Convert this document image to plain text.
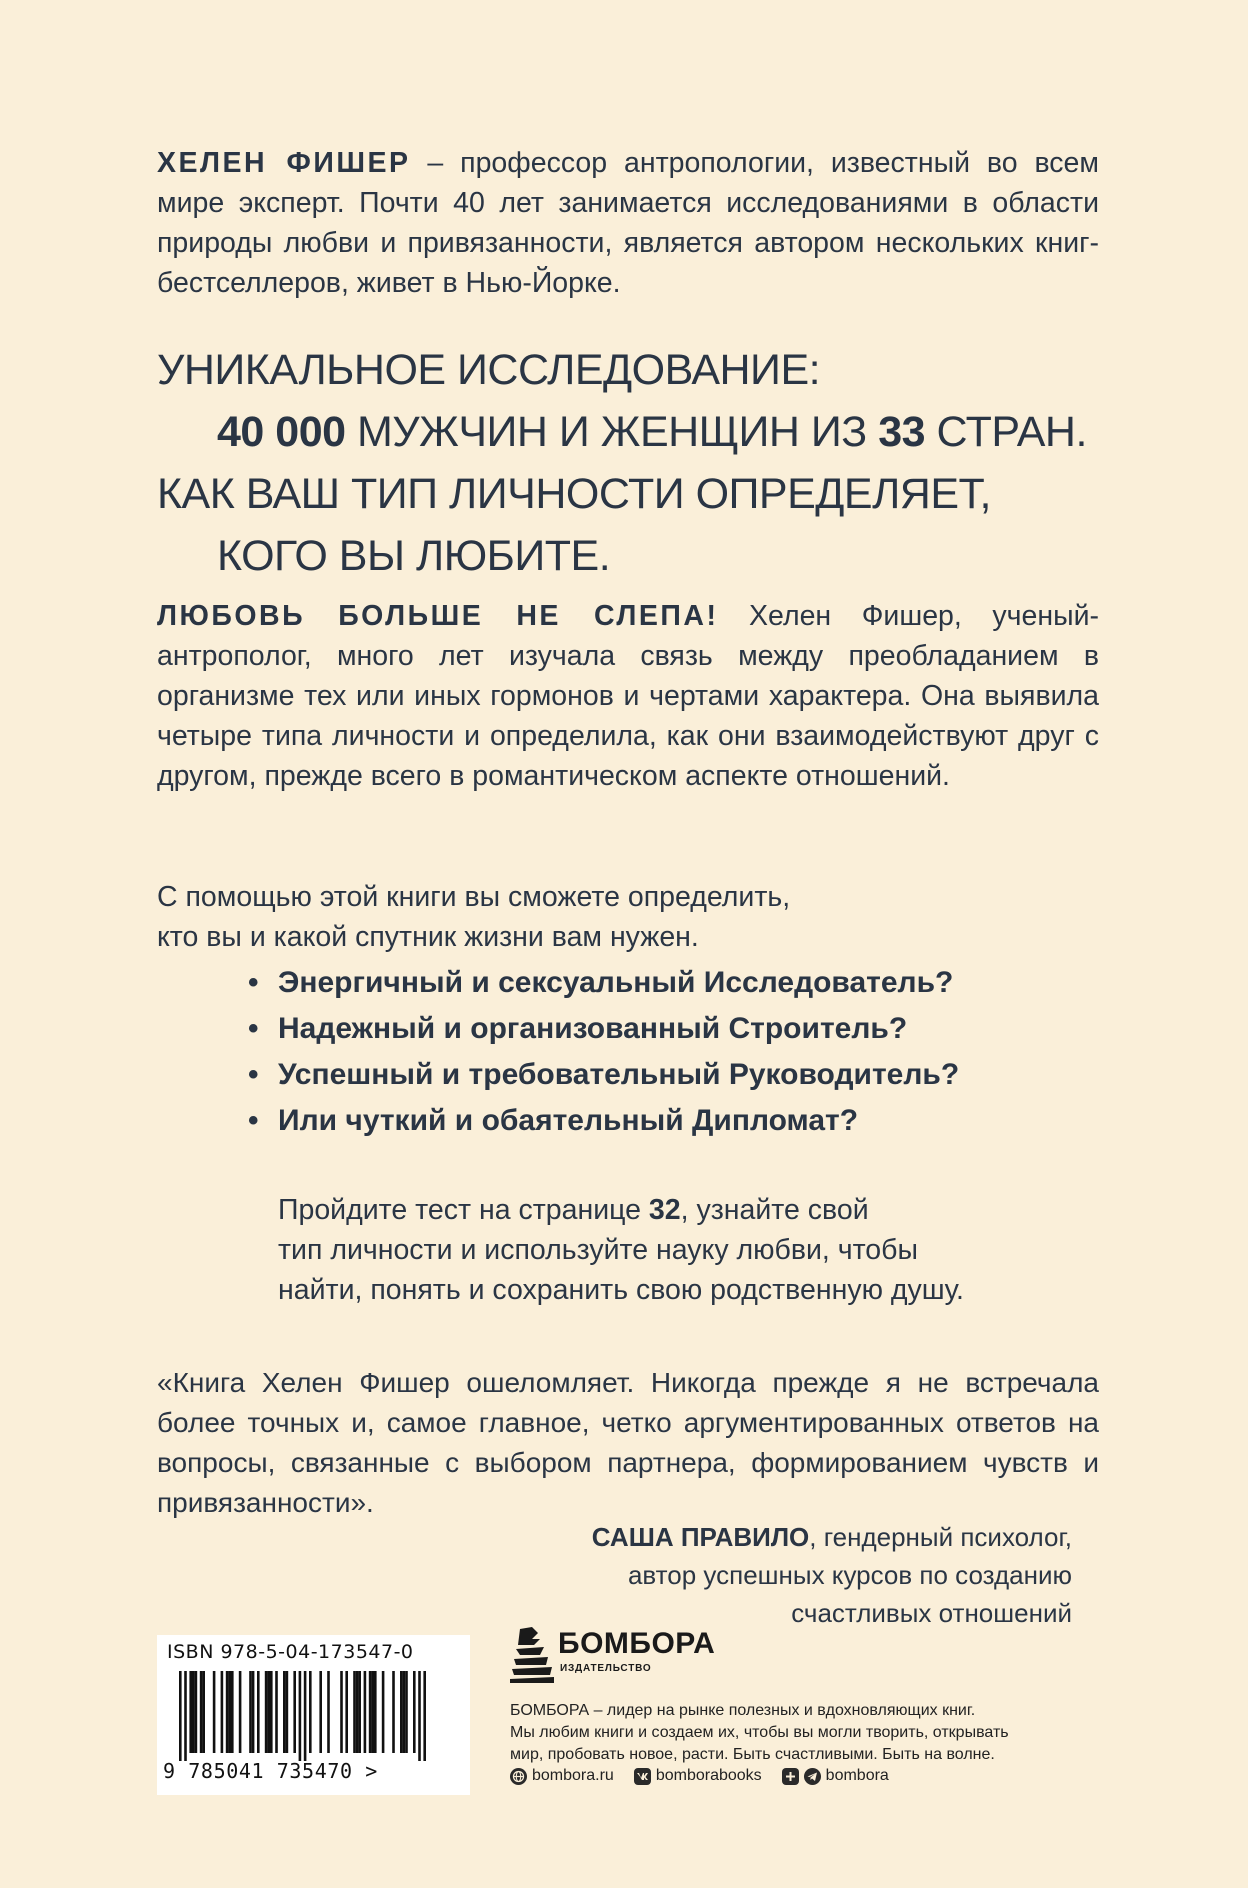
ХЕЛЕН ФИШЕР – профессор антропологии, известный во всем мире эксперт. Почти 40 лет занимается исследованиями в области природы любви и привязанности, является автором нескольких книг-бестселлеров, живет в Нью-Йорке.

УНИКАЛЬНОЕ ИССЛЕДОВАНИЕ:
40 000 МУЖЧИН И ЖЕНЩИН ИЗ 33 СТРАН.
КАК ВАШ ТИП ЛИЧНОСТИ ОПРЕДЕЛЯЕТ,
КОГО ВЫ ЛЮБИТЕ.

ЛЮБОВЬ БОЛЬШЕ НЕ СЛЕПА! Хелен Фишер, ученый-антрополог, много лет изучала связь между преобладанием в организме тех или иных гормонов и чертами характера. Она выявила четыре типа личности и определила, как они взаимодействуют друг с другом, прежде всего в романтическом аспекте отношений.

С помощью этой книги вы сможете определить,
кто вы и какой спутник жизни вам нужен.
• Энергичный и сексуальный Исследователь?
• Надежный и организованный Строитель?
• Успешный и требовательный Руководитель?
• Или чуткий и обаятельный Дипломат?
Пройдите тест на странице 32, узнайте свой
тип личности и используйте науку любви, чтобы
найти, понять и сохранить свою родственную душу.

«Книга Хелен Фишер ошеломляет. Никогда прежде я не встречала более точных и, самое главное, четко аргументированных ответов на вопросы, связанные с выбором партнера, формированием чувств и привязанности».

САША ПРАВИЛО, гендерный психолог,
автор успешных курсов по созданию
счастливых отношений
ISBN 978-5-04-173547-0
9 785041 735470 >
БОМБОРА
ИЗДАТЕЛЬСТВО
БОМБОРА – лидер на рынке полезных и вдохновляющих книг.
Мы любим книги и создаем их, чтобы вы могли творить, открывать
мир, пробовать новое, расти. Быть счастливыми. Быть на волне.
bombora.ru	bomborabooks	bombora
